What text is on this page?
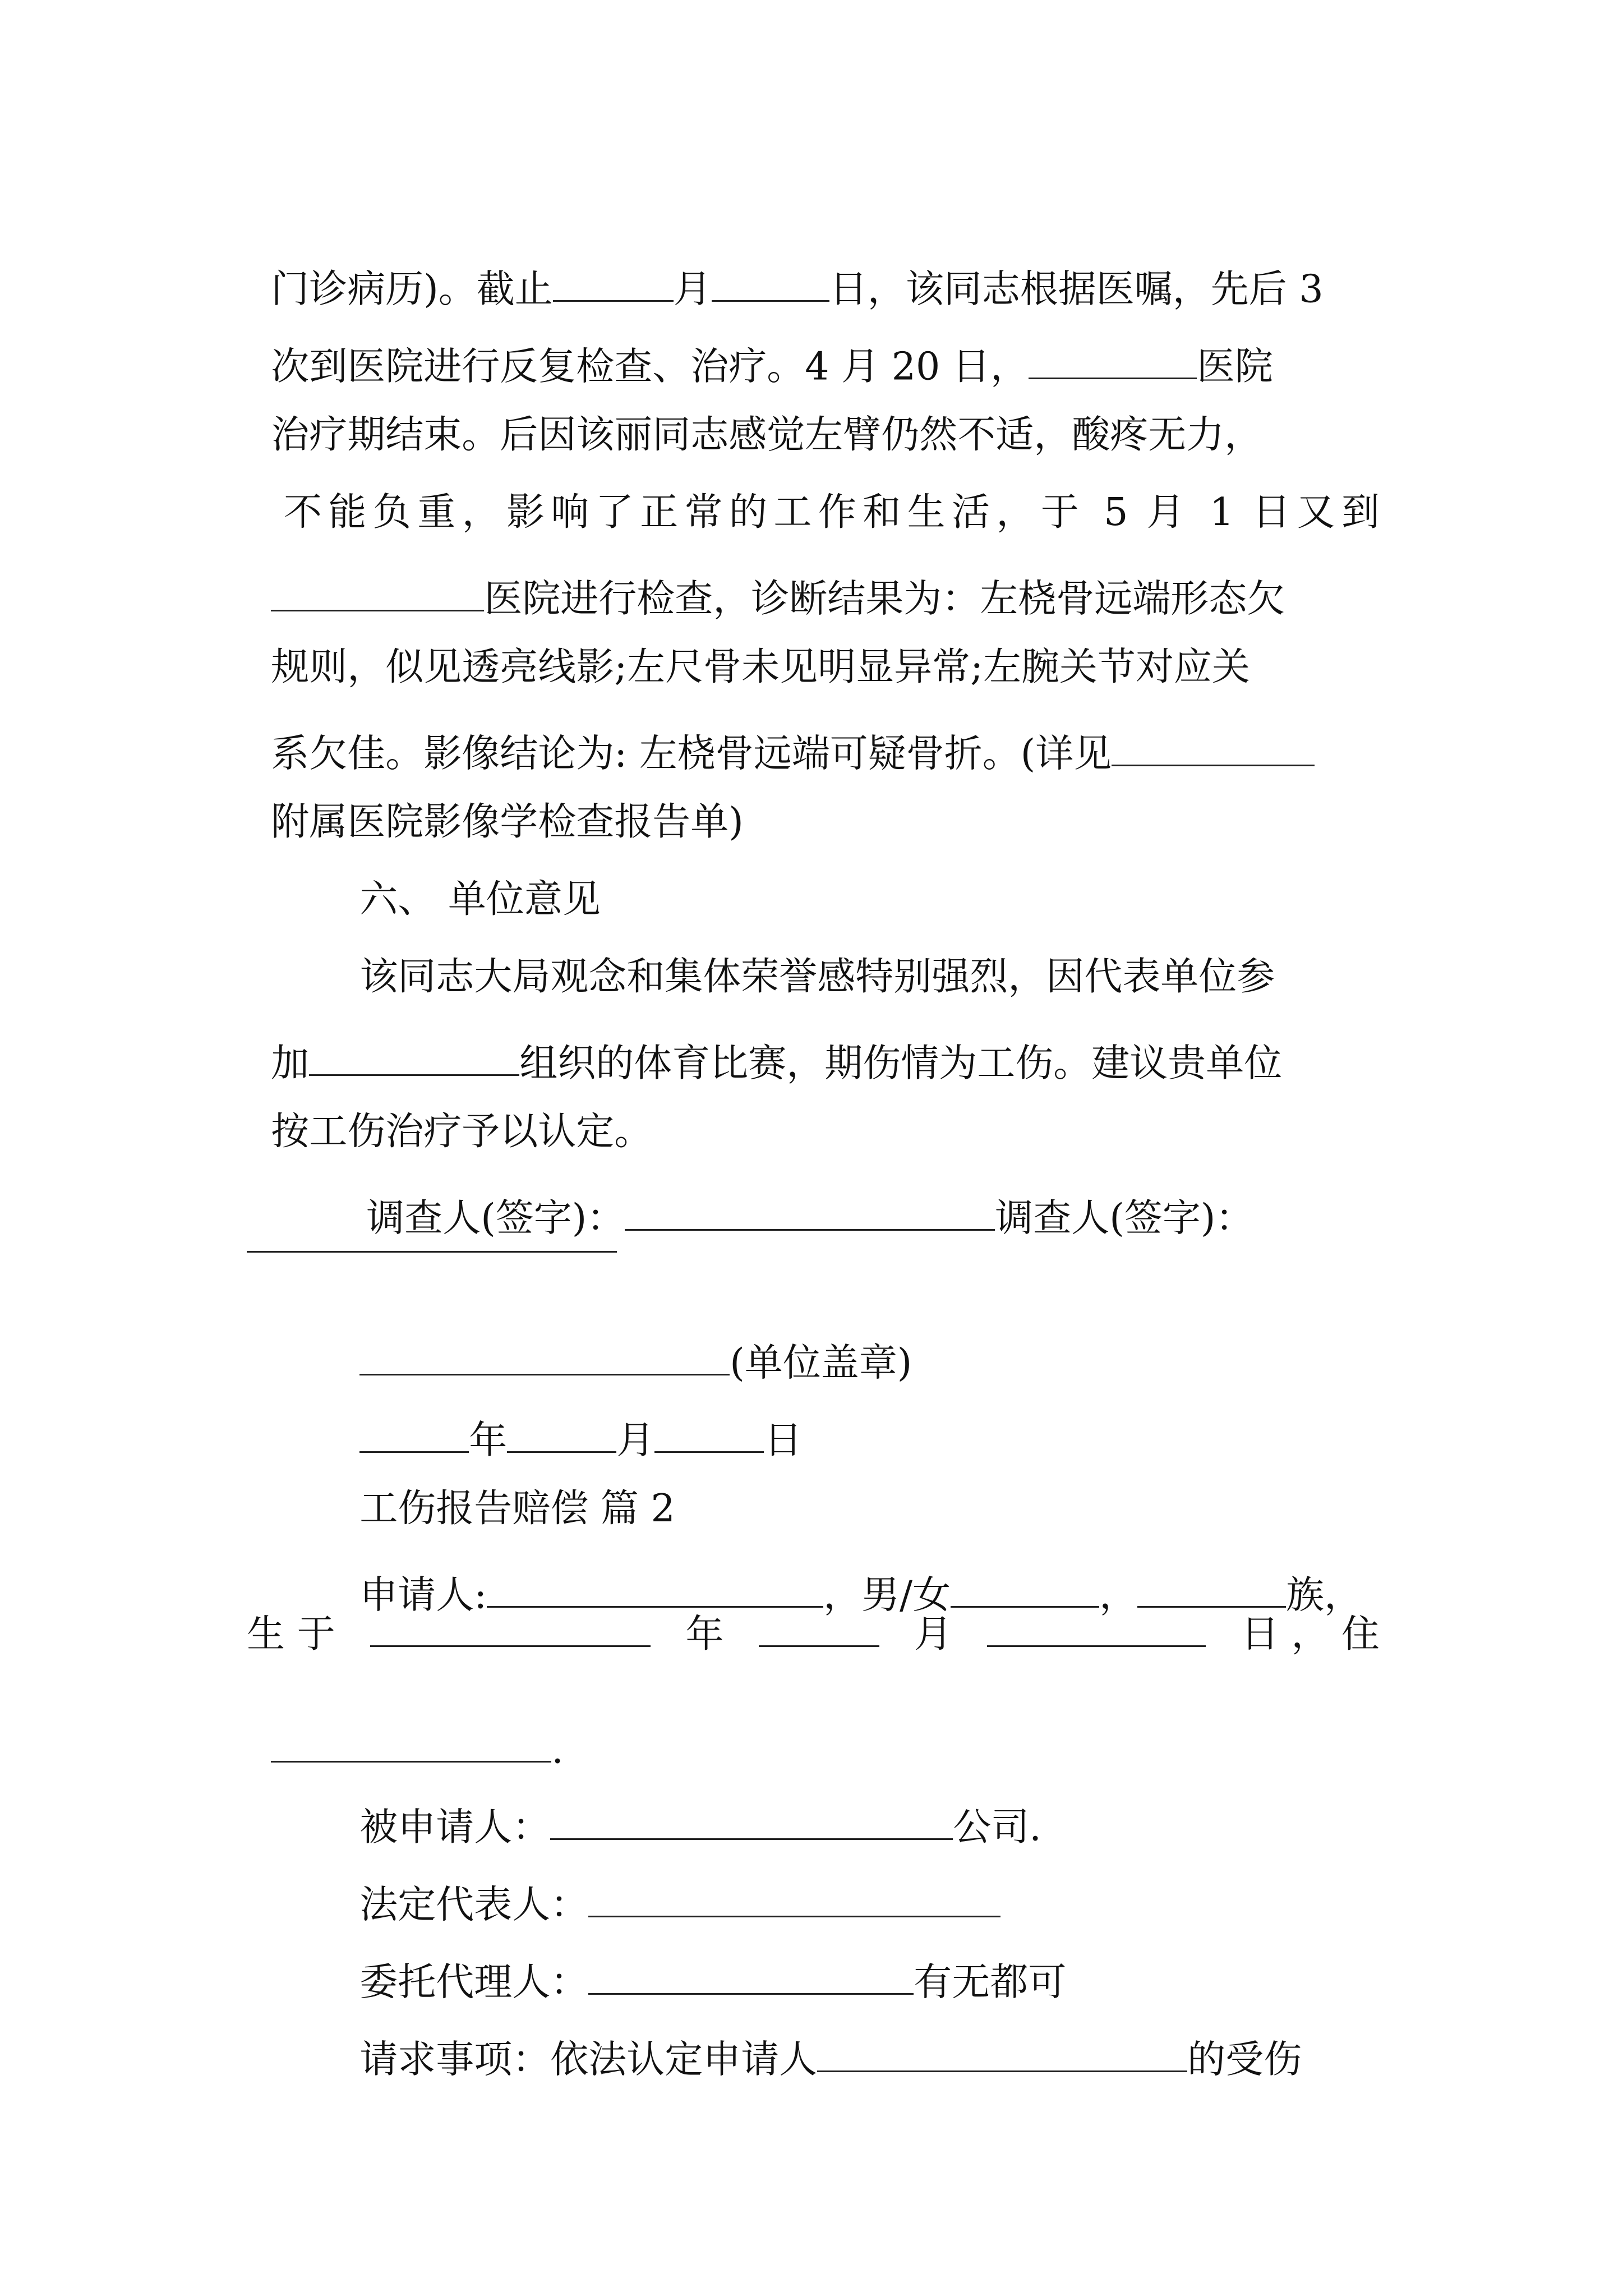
门诊病历)。截止	月	日，该同志根据医嘱，先后 3

次到医院进行反复检查、治疗。4 月 20 日，	医院

治疗期结束。后因该丽同志感觉左臂仍然不适，酸疼无力，

不能负重，影响了正常的工作和生活，于 5 月 1 日又到

医院进行检查，诊断结果为：左桡骨远端形态欠

规则，似见透亮线影;左尺骨未见明显异常;左腕关节对应关

系欠佳。影像结论为: 左桡骨远端可疑骨折。(详见

附属医院影像学检查报告单)

六、 单位意见

该同志大局观念和集体荣誉感特别强烈，因代表单位参

加	组织的体育比赛，期伤情为工伤。建议贵单位

按工伤治疗予以认定。

调查人(签字)：	调查人(签字)：

(单位盖章)

年	月	日

工伤报告赔偿 篇 2

申请人:	，男/女	，	族，

生 于	年	月	日 ， 住

.

被申请人：	公司.

法定代表人：

委托代理人：	有无都可

请求事项：依法认定申请人	的受伤
